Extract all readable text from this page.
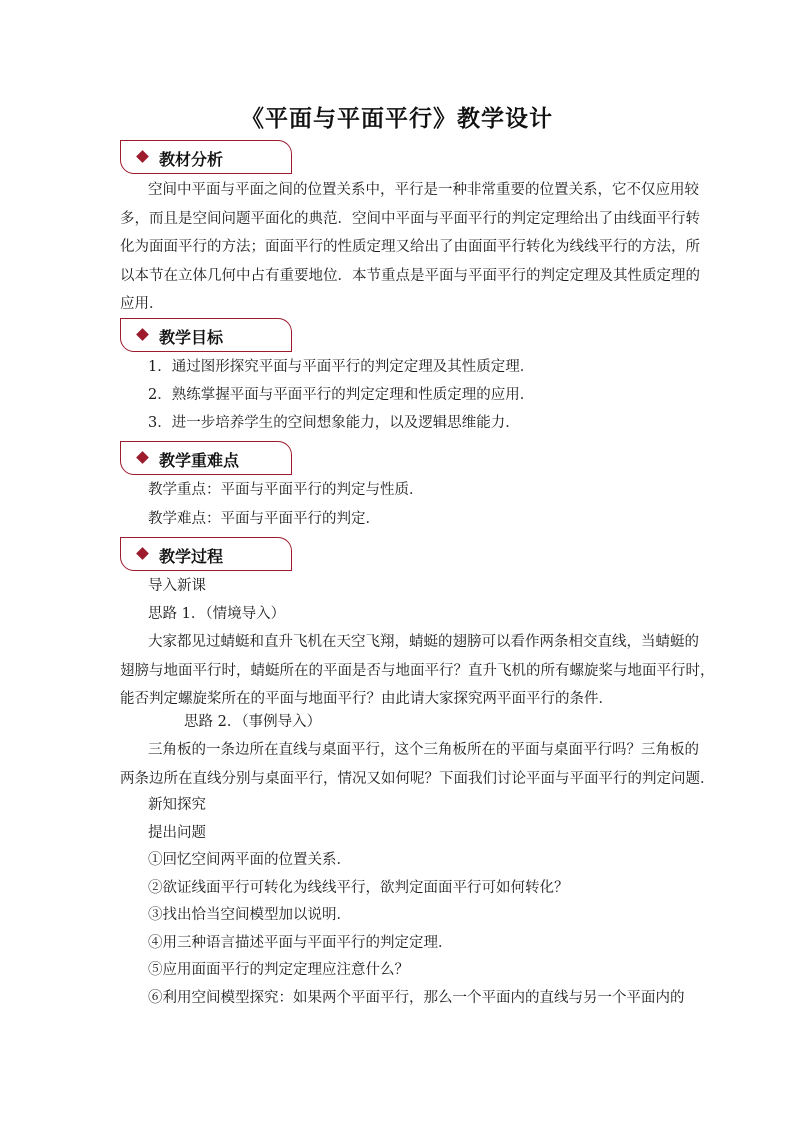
《平面与平面平行》教学设计
教材分析
空间中平面与平面之间的位置关系中，平行是一种非常重要的位置关系，它不仅应用较
多，而且是空间问题平面化的典范．空间中平面与平面平行的判定定理给出了由线面平行转
化为面面平行的方法；面面平行的性质定理又给出了由面面平行转化为线线平行的方法，所
以本节在立体几何中占有重要地位．本节重点是平面与平面平行的判定定理及其性质定理的
应用．
教学目标
1．通过图形探究平面与平面平行的判定定理及其性质定理．
2．熟练掌握平面与平面平行的判定定理和性质定理的应用．
3．进一步培养学生的空间想象能力，以及逻辑思维能力．
教学重难点
教学重点：平面与平面平行的判定与性质．
教学难点：平面与平面平行的判定．
教学过程
导入新课
思路 1．（情境导入）
大家都见过蜻蜓和直升飞机在天空飞翔，蜻蜓的翅膀可以看作两条相交直线，当蜻蜓的
翅膀与地面平行时，蜻蜓所在的平面是否与地面平行？直升飞机的所有螺旋桨与地面平行时，
能否判定螺旋桨所在的平面与地面平行？由此请大家探究两平面平行的条件．
思路 2．（事例导入）
三角板的一条边所在直线与桌面平行，这个三角板所在的平面与桌面平行吗？三角板的
两条边所在直线分别与桌面平行，情况又如何呢？下面我们讨论平面与平面平行的判定问题．
新知探究
提出问题
①回忆空间两平面的位置关系．
②欲证线面平行可转化为线线平行，欲判定面面平行可如何转化？
③找出恰当空间模型加以说明．
④用三种语言描述平面与平面平行的判定定理．
⑤应用面面平行的判定定理应注意什么？
⑥利用空间模型探究：如果两个平面平行，那么一个平面内的直线与另一个平面内的
